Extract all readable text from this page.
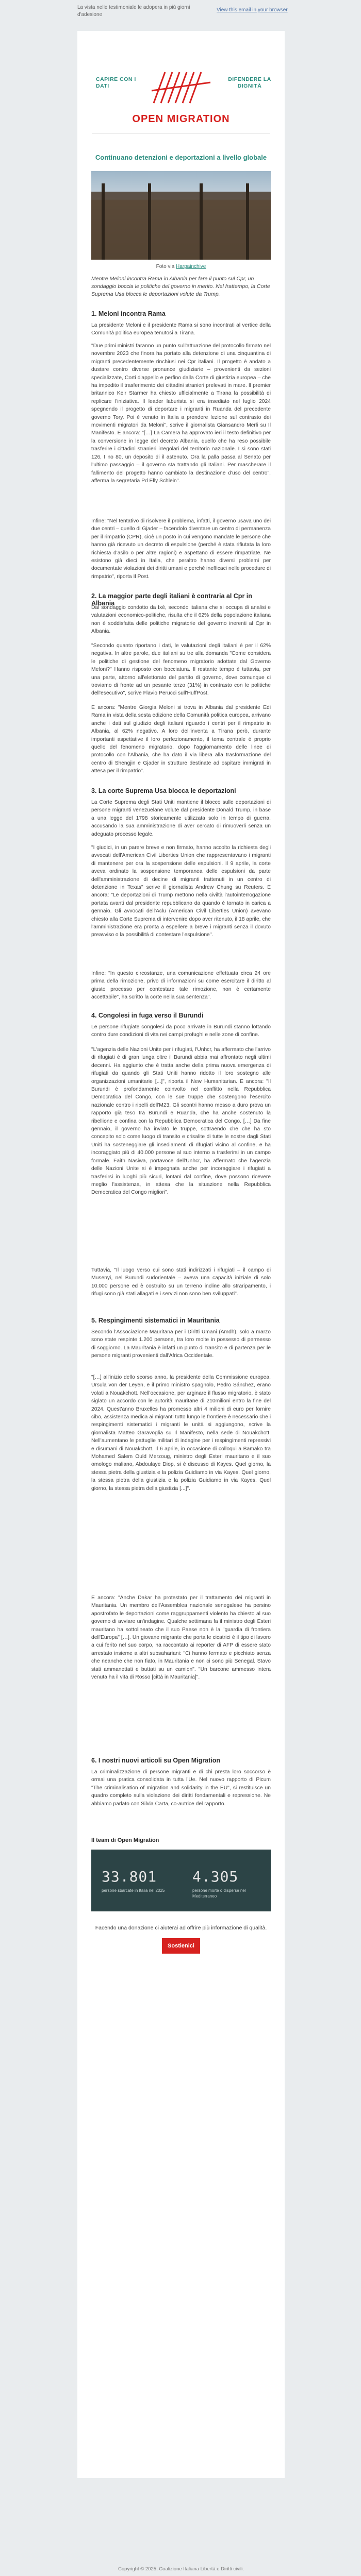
La vista nelle testimoniale le adopera in più giorni d'adesione
View this email in your browser
CAPIRE CON I DATI
DIFENDERE LA DIGNITÀ
OPEN MIGRATION
Continuano detenzioni e deportazioni a livello globale
Foto via Harpainchive
Mentre Meloni incontra Rama in Albania per fare il punto sul Cpr, un sondaggio boccia le politiche del governo in merito. Nel frattempo, la Corte Suprema Usa blocca le deportazioni volute da Trump.
1. Meloni incontra Rama

La presidente Meloni e il presidente Rama si sono incontrati al vertice della Comunità politica europea tenutosi a Tirana.

"Due primi ministri faranno un punto sull'attuazione del protocollo firmato nel novembre 2023 che finora ha portato alla detenzione di una cinquantina di migranti precedentemente rinchiusi nei Cpr italiani. Il progetto è andato a dustare contro diverse pronunce giudiziarie – provenienti da sezioni specializzate, Corti d'appello e perfino dalla Corte di giustizia europea – che ha impedito il trasferimento dei cittadini stranieri prelevati in mare. Il premier britannico Keir Starmer ha chiesto ufficialmente a Tirana la possibilità di replicare l'iniziativa. Il leader laburista si era insediato nel luglio 2024 spegnendo il progetto di deportare i migranti in Ruanda del precedente governo Tory. Poi è venuto in Italia a prendere lezione sul contrasto dei movimenti migratori da Meloni", scrive il giornalista Giansandro Merli su Il Manifesto. E ancora: "[…] La Camera ha approvato ieri il testo definitivo per la conversione in legge del decreto Albania, quello che ha reso possibile trasferire i cittadini stranieri irregolari del territorio nazionale. I si sono stati 126, I no 80, un deposito di il astenuto. Ora la palla passa al Senato per l'ultimo passaggio – il governo sta trattando gli Italiani. Per mascherare il fallimento del progetto hanno cambiato la destinazione d'uso del centro", afferma la segretaria Pd Elly Schlein".

Infine: "Nel tentativo di risolvere il problema, infatti, il governo usava uno dei due centri – quello di Gjader – facendolo diventare un centro di permanenza per il rimpatrio (CPR), cioè un posto in cui vengono mandate le persone che hanno già ricevuto un decreto di espulsione (perché è stata rifiutata la loro richiesta d'asilo o per altre ragioni) e aspettano di essere rimpatriate. Ne esistono già dieci in Italia, che peraltro hanno diversi problemi per documentate violazioni dei diritti umani e perché inefficaci nelle procedure di rimpatrio", riporta Il Post.

2. La maggior parte degli italiani è contraria al Cpr in Albania

Dal sondaggio condotto da Ixè, secondo italiana che si occupa di analisi e valutazioni economico-politiche, risulta che il 62% della popolazione italiana non è soddisfatta delle politiche migratorie del governo inerenti al Cpr in Albania.

"Secondo quanto riportano i dati, le valutazioni degli italiani è per il 62% negativa. In altre parole, due italiani su tre alla domanda "Come considera le politiche di gestione del fenomeno migratorio adottate dal Governo Meloni?" Hanno risposto con bocciatura. Il restante tempo è tuttavia, per una parte, attorno all'elettorato del partito di governo, dove comunque ci troviamo di fronte ad un pesante terzo (31%) in contrasto con le politiche dell'esecutivo", scrive Flavio Perucci sull'HuffPost.

E ancora: "Mentre Giorgia Meloni si trova in Albania dal presidente Edi Rama in vista della sesta edizione della Comunità politica europea, arrivano anche i dati sul giudizio degli italiani riguardo i centri per il rimpatrio in Albania, al 62% negativo. A loro dell'inventa a Tirana però, durante importanti aspettative il loro perfezionamento, il tema centrale è proprio quello del fenomeno migratorio, dopo l'aggiornamento delle linee di protocollo con l'Albania, che ha dato il via libera alla trasformazione del centro di Shengjin e Gjader in strutture destinate ad ospitare immigrati in attesa per il rimpatrio".

3. La corte Suprema Usa blocca le deportazioni

La Corte Suprema degli Stati Uniti mantiene il blocco sulle deportazioni di persone migranti venezuelane volute dal presidente Donald Trump, in base a una legge del 1798 storicamente utilizzata solo in tempo di guerra, accusando la sua amministrazione di aver cercato di rimuoverli senza un adeguato processo legale.

"I giudici, in un parere breve e non firmato, hanno accolto la richiesta degli avvocati dell'American Civil Liberties Union che rappresentavano i migranti di mantenere per ora la sospensione delle espulsioni. Il 9 aprile, la corte aveva ordinato la sospensione temporanea delle espulsioni da parte dell'amministrazione di decine di migranti trattenuti in un centro di detenzione in Texas" scrive il giornalista Andrew Chung su Reuters. E ancora: "Le deportazioni di Trump mettono nella civiltà l'autointerrogazione portata avanti dal presidente repubblicano da quando è tornato in carica a gennaio. Gli avvocati dell'Aclu (American Civil Liberties Union) avevano chiesto alla Corte Suprema di intervenire dopo aver ritenuto, il 18 aprile, che l'amministrazione era pronta a espellere a breve i migranti senza il dovuto preavviso o la possibilità di contestare l'espulsione".

Infine: "In questo circostanze, una comunicazione effettuata circa 24 ore prima della rimozione, privo di informazioni su come esercitare il diritto al giusto processo per contestare tale rimozione, non è certamente accettabile", ha scritto la corte nella sua sentenza".

4. Congolesi in fuga verso il Burundi

Le persone rifugiate congolesi da poco arrivate in Burundi stanno lottando contro dure condizioni di vita nei campi profughi e nelle zone di confine.

"L'agenzia delle Nazioni Unite per i rifugiati, l'Unhcr, ha affermato che l'arrivo di rifugiati è di gran lunga oltre il Burundi abbia mai affrontato negli ultimi decenni. Ha aggiunto che è tratta anche della prima nuova emergenza di rifugiati da quando gli Stati Uniti hanno ridotto il loro sostegno alle organizzazioni umanitarie [...]", riporta il New Humanitarian. E ancora: "Il Burundi è profondamente coinvolto nel conflitto nella Repubblica Democratica del Congo, con le sue truppe che sostengono l'esercito nazionale contro i ribelli dell'M23. Gli scontri hanno messo a duro prova un rapporto già teso tra Burundi e Ruanda, che ha anche sostenuto la ribellione e confina con la Repubblica Democratica del Congo. […] Da fine gennaio, il governo ha inviato le truppe, sottraendo che che ha sto concepito solo come luogo di transito e crisalite di tutte le nostre dagli Stati Uniti ha sosteneggiare gli insediamenti di rifugiati vicino al confine, e ha incoraggiato più di 40.000 persone al suo interno a trasferirsi in un campo formale. Faith Nasiwa, portavoce dell'Unhcr, ha affermato che l'agenzia delle Nazioni Unite si è impegnata anche per incoraggiare i rifugiati a trasferirsi in luoghi più sicuri, lontani dal confine, dove possono ricevere meglio l'assistenza, in attesa che la situazione nella Repubblica Democratica del Congo migliori".

Tuttavia, "Il luogo verso cui sono stati indirizzati i rifugiati – il campo di Musenyi, nel Burundi sudorientale – aveva una capacità iniziale di solo 10.000 persone ed è costruito su un terreno incline allo straripamento, i rifugi sono già stati allagati e i servizi non sono ben sviluppati".

5. Respingimenti sistematici in Mauritania

Secondo l'Associazione Mauritana per i Diritti Umani (Amdh), solo a marzo sono state respinte 1.200 persone, tra loro molte in possesso di permesso di soggiorno. La Mauritania è infatti un punto di transito e di partenza per le persone migranti provenienti dall'Africa Occidentale.

"[…] all'inizio dello scorso anno, la presidente della Commissione europea, Ursula von der Leyen, e il primo ministro spagnolo, Pedro Sánchez, erano volati a Nouakchott. Nell'occasione, per arginare il flusso migratorio, è stato siglato un accordo con le autorità mauritane di 210milioni entro la fine del 2024. Quest'anno Bruxelles ha promesso altri 4 milioni di euro per fornire cibo, assistenza medica ai migranti tutto lungo le frontiere è necessario che i respingimenti sistematici i migranti le unità si aggiungono, scrive la giornalista Matteo Garavoglia su Il Manifesto, nella sede di Nouakchott. Nell'aumentano le pattuglie militari di indagine per i respingimenti repressivi e disumani di Nouakchott. Il 6 aprile, in occasione di colloqui a Bamako tra Mohamed Salem Ould Merzoug, ministro degli Esteri mauritano e il suo omologo maliano, Abdoulaye Diop, si è discusso di Kayes. Quel giorno, la stessa pietra della giustizia e la polizia Guidiamo in via Kayes. Quel giorno, la stessa pietra della giustizia e la polizia Guidiamo in via Kayes. Quel giorno, la stessa pietra della giustizia [...]".

E ancora: "Anche Dakar ha protestato per il trattamento dei migranti in Mauritania. Un membro dell'Assemblea nazionale senegalese ha persino apostrofato le deportazioni come raggruppamenti violento ha chiesto al suo governo di avviare un'indagine. Qualche settimana fa il ministro degli Esteri mauritano ha sottolineato che il suo Paese non è la "guardia di frontiera dell'Europa" […]. Un giovane migrante che porta le cicatrici è il tipo di lavoro a cui ferito nel suo corpo, ha raccontato ai reporter di AFP di essere stato arrestato insieme a altri subsahariani: "Ci hanno fermato e picchiato senza che neanche che non fiato, in Mauritania e non ci sono più Senegal. Stavo stati ammanettati e buttati su un camion". "Un barcone ammesso intera venuta ha il vita di Rosso [città in Mauritania]".

6. I nostri nuovi articoli su Open Migration

La criminalizzazione di persone migranti e di chi presta loro soccorso è ormai una pratica consolidata in tutta l'Ue. Nel nuovo rapporto di Picum "The criminalisation of migration and solidarity in the EU", si restituisce un quadro completo sulla violazione dei diritti fondamentali e repressione. Ne abbiamo parlato con Silvia Carta, co-autrice del rapporto.

Il team di Open Migration
33.801
persone sbarcate in Italia nel 2025
4.305
persone morte o disperse nel Mediterraneo
Facendo una donazione ci aiuterai ad offrire più informazione di qualità.
Sostienici
Copyright © 2025, Coalizione Italiana Libertà e Diritti civili.
